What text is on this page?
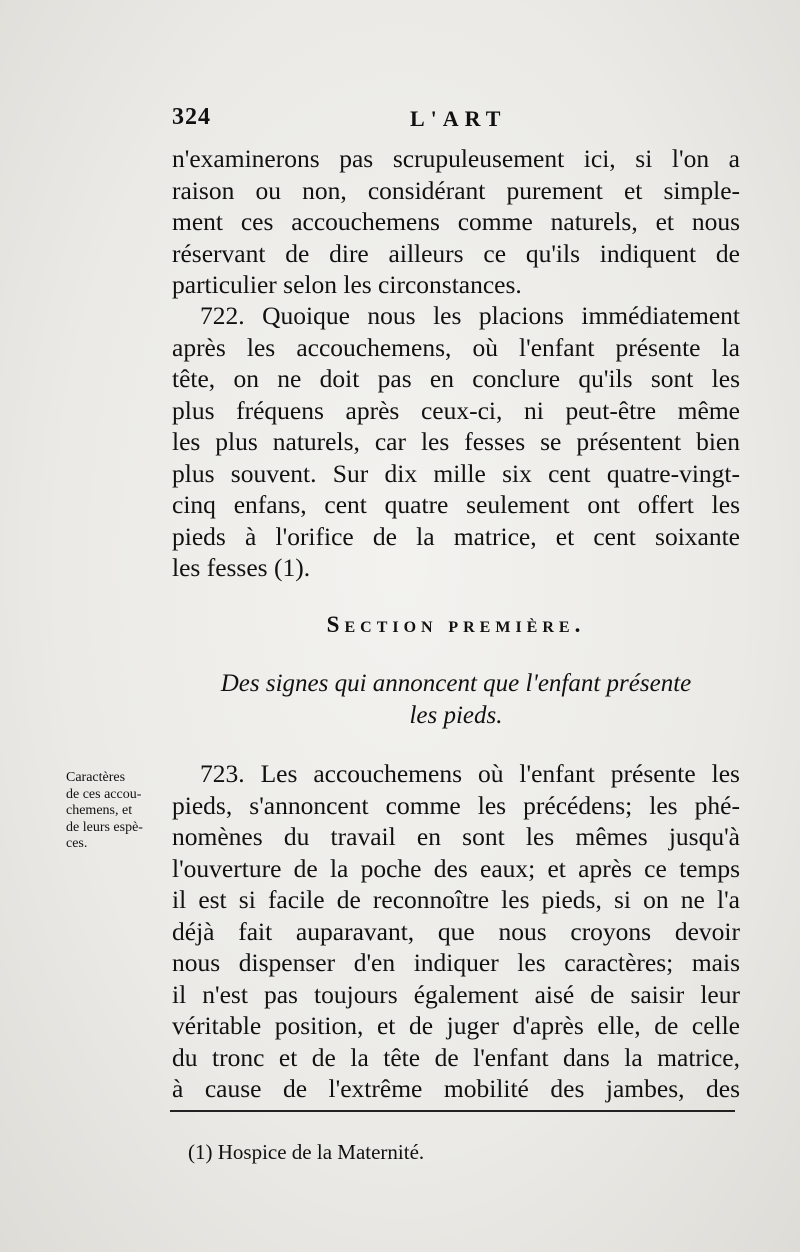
324	L'ART
n'examinerons pas scrupuleusement ici, si l'on a
raison ou non, considérant purement et simple-
ment ces accouchemens comme naturels, et nous
réservant de dire ailleurs ce qu'ils indiquent de
particulier selon les circonstances.
722. Quoique nous les placions immédiatement
après les accouchemens, où l'enfant présente la
tête, on ne doit pas en conclure qu'ils sont les
plus fréquens après ceux-ci, ni peut-être même
les plus naturels, car les fesses se présentent bien
plus souvent. Sur dix mille six cent quatre-vingt-
cinq enfans, cent quatre seulement ont offert les
pieds à l'orifice de la matrice, et cent soixante
les fesses (1).
Section première.
Des signes qui annoncent que l'enfant présente
les pieds.
Caractères
de ces accou-
chemens, et
de leurs espè-
ces.
723. Les accouchemens où l'enfant présente les
pieds, s'annoncent comme les précédens; les phé-
nomènes du travail en sont les mêmes jusqu'à
l'ouverture de la poche des eaux; et après ce temps
il est si facile de reconnoître les pieds, si on ne l'a
déjà fait auparavant, que nous croyons devoir
nous dispenser d'en indiquer les caractères; mais
il n'est pas toujours également aisé de saisir leur
véritable position, et de juger d'après elle, de celle
du tronc et de la tête de l'enfant dans la matrice,
à cause de l'extrême mobilité des jambes, des
(1) Hospice de la Maternité.
